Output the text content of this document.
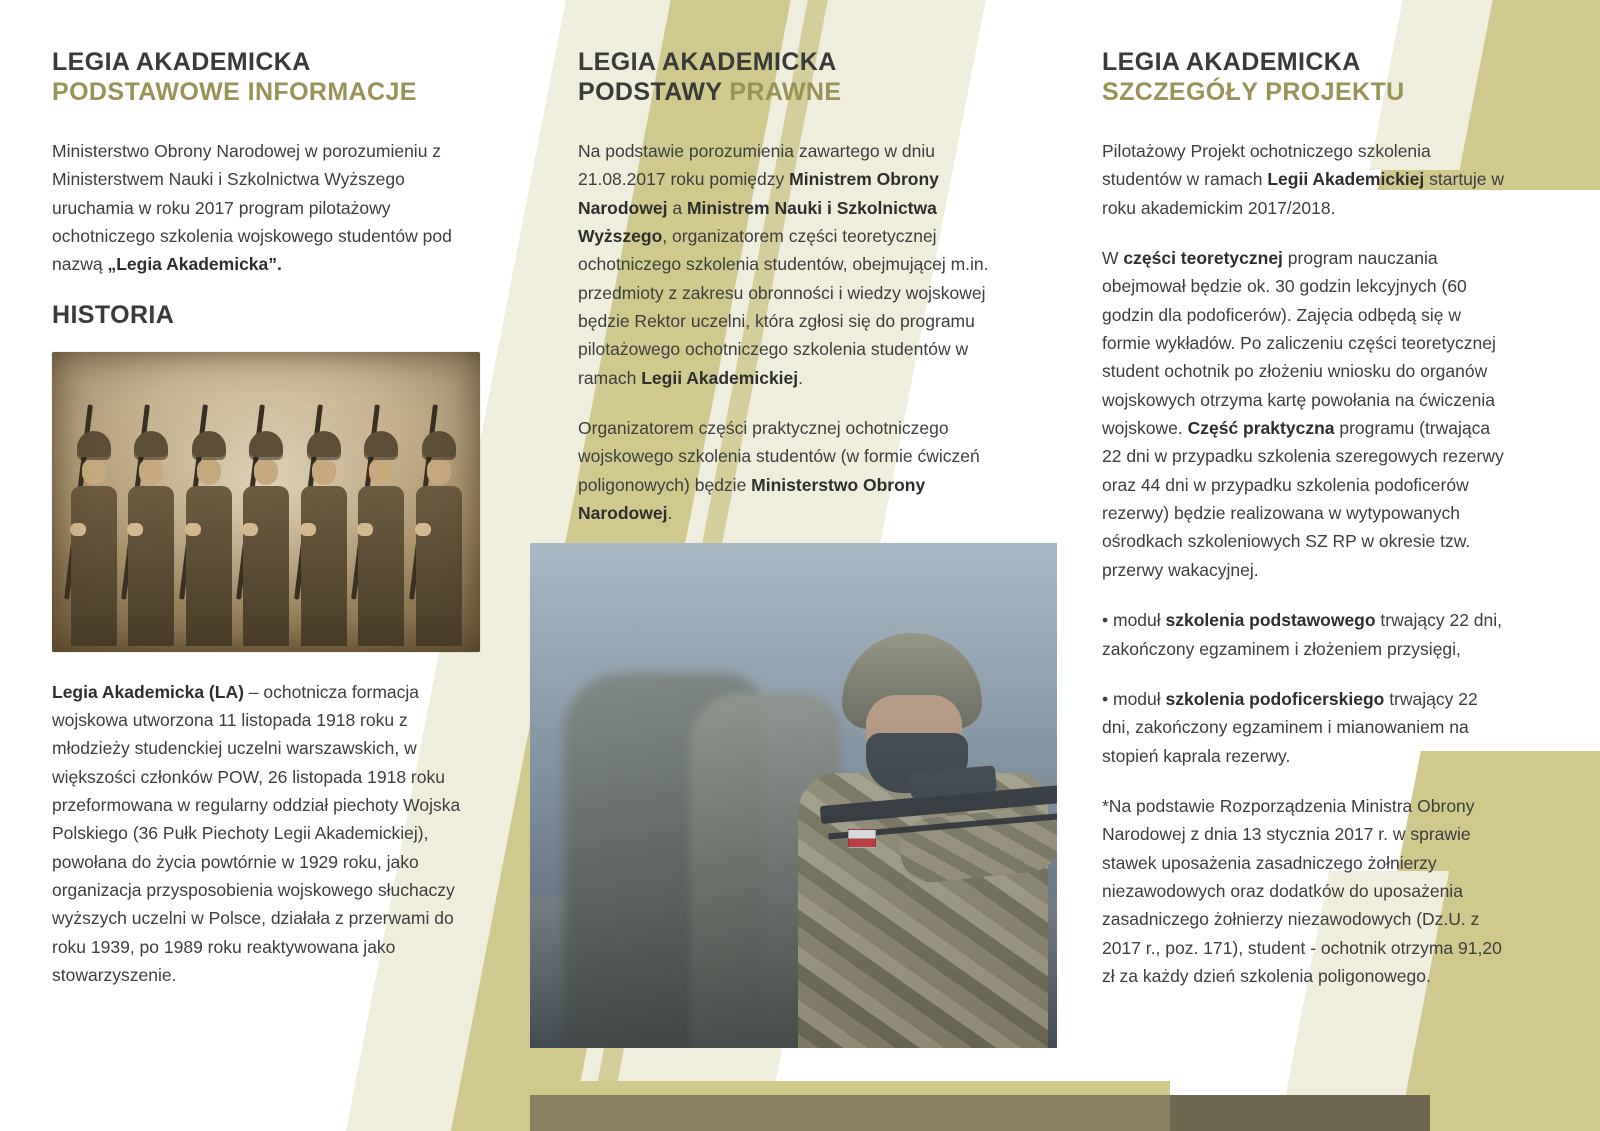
LEGIA AKADEMICKA
PODSTAWOWE INFORMACJE

Ministerstwo Obrony Narodowej w porozumieniu z Ministerstwem Nauki i Szkolnictwa Wyższego uruchamia w roku 2017 program pilotażowy ochotniczego szkolenia wojskowego studentów pod nazwą „Legia Akademicka”.

HISTORIA

Legia Akademicka (LA) – ochotnicza formacja wojskowa utworzona 11 listopada 1918 roku z młodzieży studenckiej uczelni warszawskich, w większości członków POW, 26 listopada 1918 roku przeformowana w regularny oddział piechoty Wojska Polskiego (36 Pułk Piechoty Legii Akademickiej), powołana do życia powtórnie w 1929 roku, jako organizacja przysposobienia wojskowego słuchaczy wyższych uczelni w Polsce, działała z przerwami do roku 1939, po 1989 roku reaktywowana jako stowarzyszenie.

LEGIA AKADEMICKA
PODSTAWY PRAWNE

Na podstawie porozumienia zawartego w dniu 21.08.2017 roku pomiędzy Ministrem Obrony Narodowej a Ministrem Nauki i Szkolnictwa Wyższego, organizatorem części teoretycznej ochotniczego szkolenia studentów, obejmującej m.in. przedmioty z zakresu obronności i wiedzy wojskowej będzie Rektor uczelni, która zgłosi się do programu pilotażowego ochotniczego szkolenia studentów w ramach Legii Akademickiej.

Organizatorem części praktycznej ochotniczego wojskowego szkolenia studentów (w formie ćwiczeń poligonowych) będzie Ministerstwo Obrony Narodowej.

LEGIA AKADEMICKA
SZCZEGÓŁY PROJEKTU

Pilotażowy Projekt ochotniczego szkolenia studentów w ramach Legii Akademickiej startuje w roku akademickim 2017/2018.

W części teoretycznej program nauczania obejmował będzie ok. 30 godzin lekcyjnych (60 godzin dla podoficerów). Zajęcia odbędą się w formie wykładów. Po zaliczeniu części teoretycznej student ochotnik po złożeniu wniosku do organów wojskowych otrzyma kartę powołania na ćwiczenia wojskowe. Część praktyczna programu (trwająca 22 dni w przypadku szkolenia szeregowych rezerwy oraz 44 dni w przypadku szkolenia podoficerów rezerwy) będzie realizowana w wytypowanych ośrodkach szkoleniowych SZ RP w okresie tzw. przerwy wakacyjnej.

• moduł szkolenia podstawowego trwający 22 dni, zakończony egzaminem i złożeniem przysięgi,

• moduł szkolenia podoficerskiego trwający 22 dni, zakończony egzaminem i mianowaniem na stopień kaprala rezerwy.

*Na podstawie Rozporządzenia Ministra Obrony Narodowej z dnia 13 stycznia 2017 r. w sprawie stawek uposażenia zasadniczego żołnierzy niezawodowych oraz dodatków do uposażenia zasadniczego żołnierzy niezawodowych (Dz.U. z 2017 r., poz. 171), student - ochotnik otrzyma 91,20 zł za każdy dzień szkolenia poligonowego.
